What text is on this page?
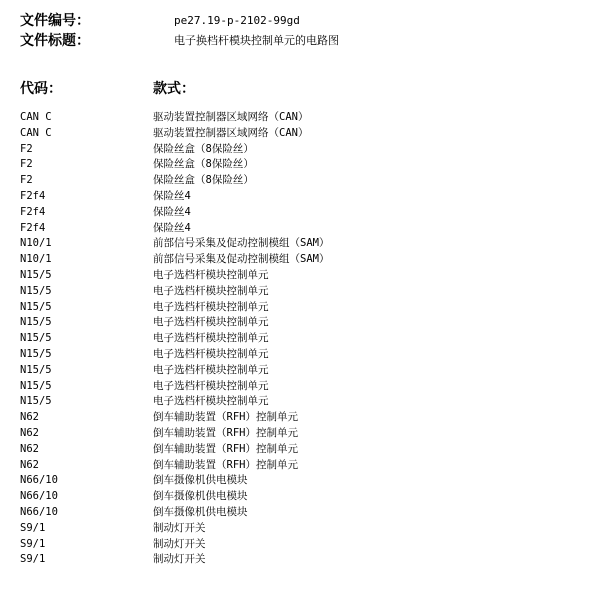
文件编号：	pe27.19-p-2102-99gd
文件标题：	电子换档杆模块控制单元的电路图
代码：	款式：
CAN C	驱动装置控制器区域网络（CAN）
CAN C	驱动装置控制器区域网络（CAN）
F2	保险丝盒（8保险丝）
F2	保险丝盒（8保险丝）
F2	保险丝盒（8保险丝）
F2f4	保险丝4
F2f4	保险丝4
F2f4	保险丝4
N10/1	前部信号采集及促动控制模组（SAM）
N10/1	前部信号采集及促动控制模组（SAM）
N15/5	电子选档杆模块控制单元
N15/5	电子选档杆模块控制单元
N15/5	电子选档杆模块控制单元
N15/5	电子选档杆模块控制单元
N15/5	电子选档杆模块控制单元
N15/5	电子选档杆模块控制单元
N15/5	电子选档杆模块控制单元
N15/5	电子选档杆模块控制单元
N15/5	电子选档杆模块控制单元
N62	倒车辅助装置（RFH）控制单元
N62	倒车辅助装置（RFH）控制单元
N62	倒车辅助装置（RFH）控制单元
N62	倒车辅助装置（RFH）控制单元
N66/10	倒车摄像机供电模块
N66/10	倒车摄像机供电模块
N66/10	倒车摄像机供电模块
S9/1	制动灯开关
S9/1	制动灯开关
S9/1	制动灯开关
